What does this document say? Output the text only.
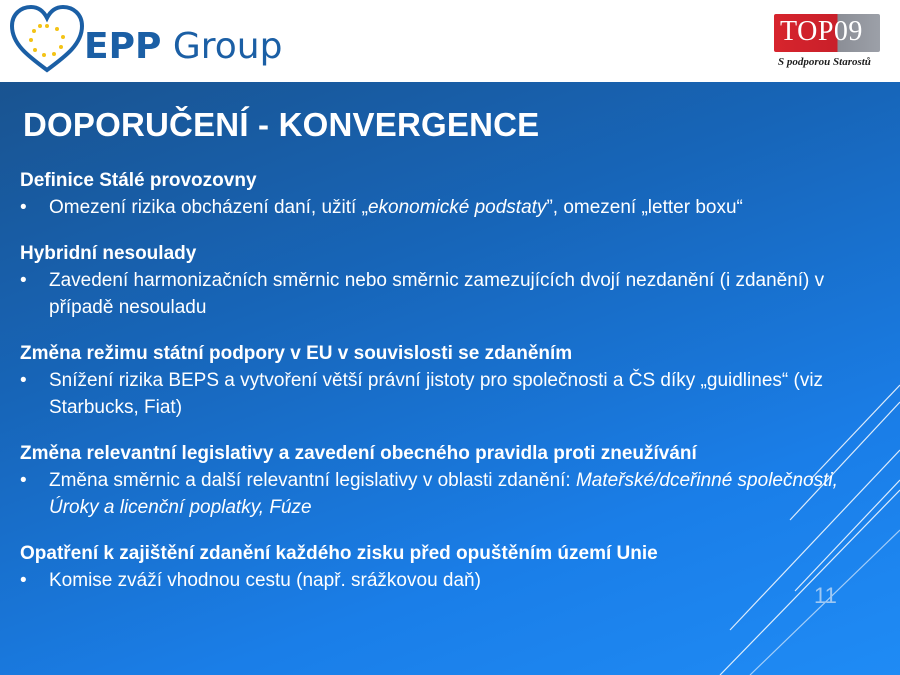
EPP Group	TOP09
S podporou Starostů
DOPORUČENÍ - KONVERGENCE
Definice Stálé provozovny
• Omezení rizika obcházení daní, užití „ekonomické podstaty”, omezení „letter boxu“
Hybridní nesoulady
• Zavedení harmonizačních směrnic nebo směrnic zamezujících dvojí nezdanění (i zdanění) v případě nesouladu
Změna režimu státní podpory v EU v souvislosti se zdaněním
• Snížení rizika BEPS a vytvoření větší právní jistoty pro společnosti a ČS díky „guidlines“ (viz Starbucks, Fiat)
Změna relevantní legislativy a zavedení obecného pravidla proti zneužívání
• Změna směrnic a další relevantní legislativy v oblasti zdanění: Mateřské/dceřinné společnosti, Úroky a licenční poplatky, Fúze
Opatření k zajištění zdanění každého zisku před opuštěním území Unie
• Komise zváží vhodnou cestu (např. srážkovou daň)
11
